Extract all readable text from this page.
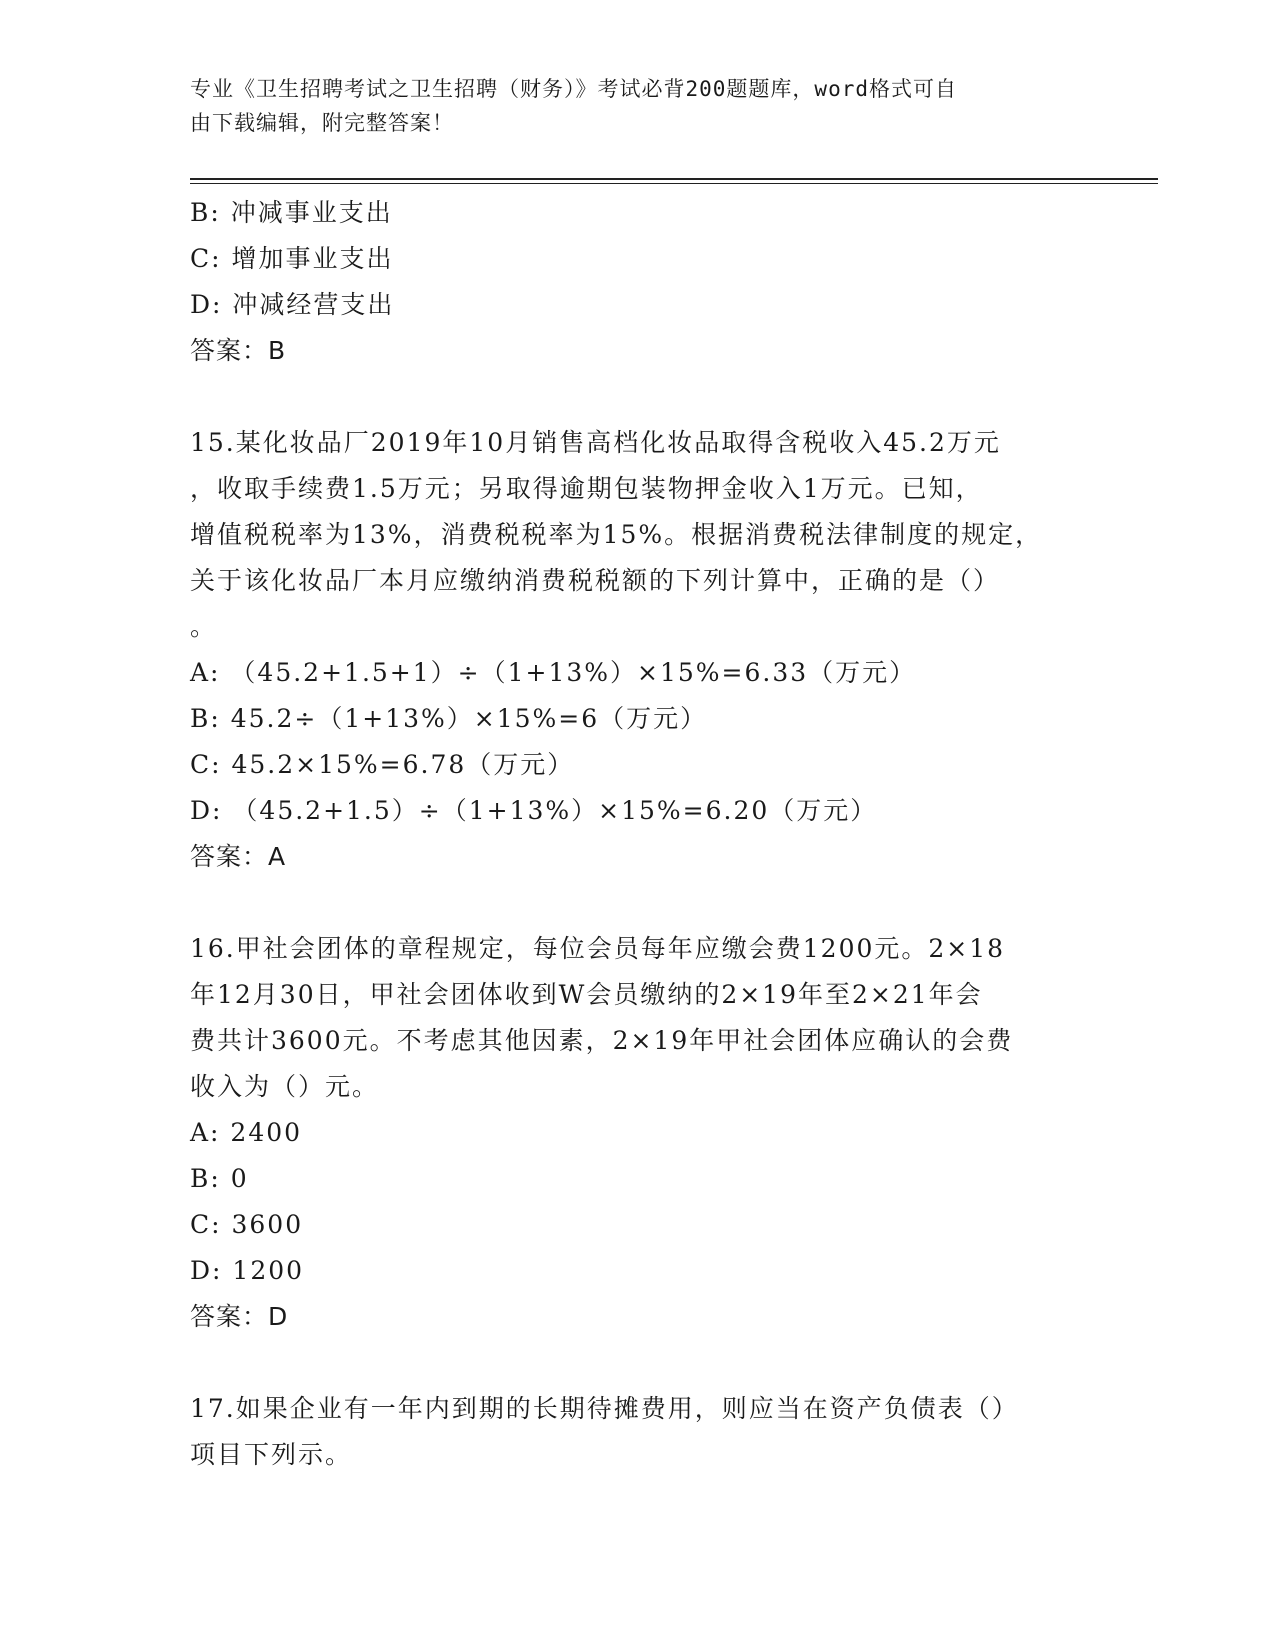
专业《卫生招聘考试之卫生招聘（财务）》考试必背200题题库，word格式可自
由下载编辑，附完整答案！
B: 冲减事业支出
C: 增加事业支出
D: 冲减经营支出
答案：B
15.某化妆品厂2019年10月销售高档化妆品取得含税收入45.2万元
，收取手续费1.5万元；另取得逾期包装物押金收入1万元。已知，
增值税税率为13%，消费税税率为15%。根据消费税法律制度的规定，
关于该化妆品厂本月应缴纳消费税税额的下列计算中，正确的是（）
。
A: （45.2+1.5+1）÷（1+13%）×15%=6.33（万元）
B: 45.2÷（1+13%）×15%=6（万元）
C: 45.2×15%=6.78（万元）
D: （45.2+1.5）÷（1+13%）×15%=6.20（万元）
答案：A
16.甲社会团体的章程规定，每位会员每年应缴会费1200元。2×18
年12月30日，甲社会团体收到W会员缴纳的2×19年至2×21年会
费共计3600元。不考虑其他因素，2×19年甲社会团体应确认的会费
收入为（）元。
A: 2400
B: 0
C: 3600
D: 1200
答案：D
17.如果企业有一年内到期的长期待摊费用，则应当在资产负债表（）
项目下列示。
